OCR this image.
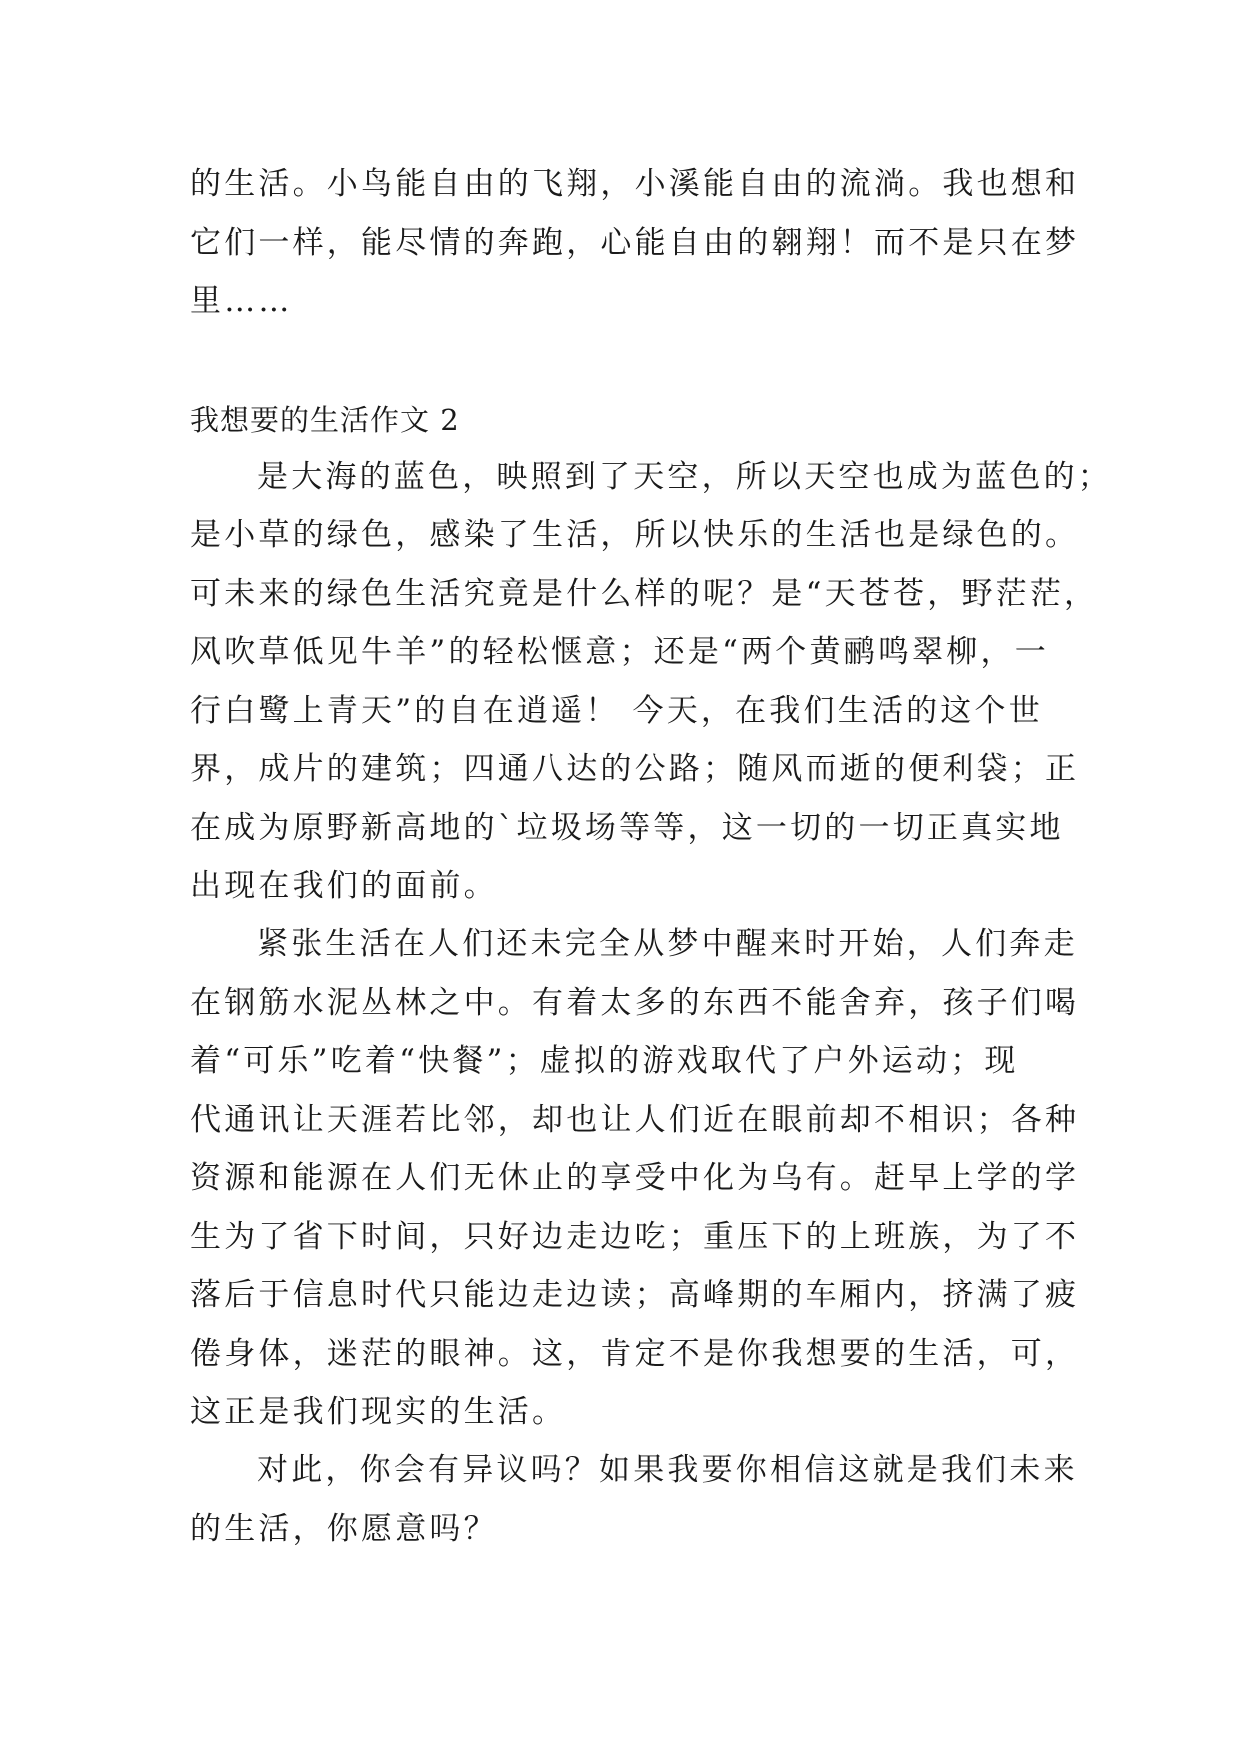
的生活。小鸟能自由的飞翔，小溪能自由的流淌。我也想和
它们一样，能尽情的奔跑，心能自由的翱翔！而不是只在梦
里……
我想要的生活作文 2
是大海的蓝色，映照到了天空，所以天空也成为蓝色的；
是小草的绿色，感染了生活，所以快乐的生活也是绿色的。
可未来的绿色生活究竟是什么样的呢？是“天苍苍，野茫茫，
风吹草低见牛羊”的轻松惬意；还是“两个黄鹂鸣翠柳，一
行白鹭上青天”的自在逍遥！ 今天，在我们生活的这个世
界，成片的建筑；四通八达的公路；随风而逝的便利袋；正
在成为原野新高地的`垃圾场等等，这一切的一切正真实地
出现在我们的面前。
紧张生活在人们还未完全从梦中醒来时开始，人们奔走
在钢筋水泥丛林之中。有着太多的东西不能舍弃，孩子们喝
着“可乐”吃着“快餐”；虚拟的游戏取代了户外运动；现
代通讯让天涯若比邻，却也让人们近在眼前却不相识；各种
资源和能源在人们无休止的享受中化为乌有。赶早上学的学
生为了省下时间，只好边走边吃；重压下的上班族，为了不
落后于信息时代只能边走边读；高峰期的车厢内，挤满了疲
倦身体，迷茫的眼神。这，肯定不是你我想要的生活，可，
这正是我们现实的生活。
对此，你会有异议吗？如果我要你相信这就是我们未来
的生活，你愿意吗？
